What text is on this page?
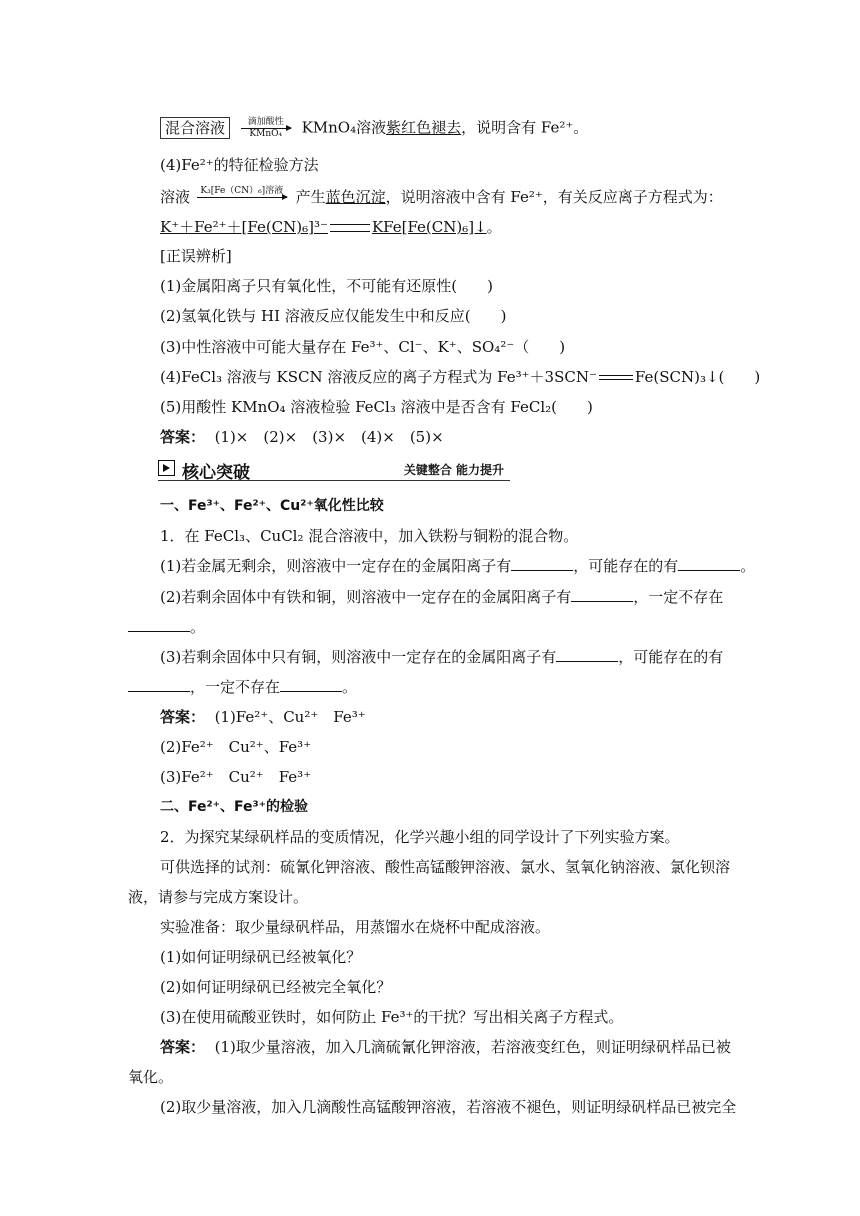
混合溶液	滴加酸性
KMnO₄	KMnO₄溶液紫红色褪去，说明含有 Fe²⁺。
(4)Fe²⁺的特征检验方法
溶液	K₃[Fe（CN）₆]溶液 产生蓝色沉淀，说明溶液中含有 Fe²⁺，有关反应离子方程式为：
K⁺＋Fe²⁺＋[Fe(CN)₆]³⁻	KFe[Fe(CN)₆]↓。
[正误辨析]
(1)金属阳离子只有氧化性，不可能有还原性(　　)
(2)氢氧化铁与 HI 溶液反应仅能发生中和反应(　　)
(3)中性溶液中可能大量存在 Fe³⁺、Cl⁻、K⁺、SO₄²⁻（　　)
(4)FeCl₃ 溶液与 KSCN 溶液反应的离子方程式为 Fe³⁺＋3SCN⁻	Fe(SCN)₃↓(　　)
(5)用酸性 KMnO₄ 溶液检验 FeCl₃ 溶液中是否含有 FeCl₂(　　)
答案： (1)×　(2)×　(3)×　(4)×　(5)×
核心突破	关键整合 能力提升
一、Fe³⁺、Fe²⁺、Cu²⁺氧化性比较
1．在 FeCl₃、CuCl₂ 混合溶液中，加入铁粉与铜粉的混合物。
(1)若金属无剩余，则溶液中一定存在的金属阳离子有	，可能存在的有	。
(2)若剩余固体中有铁和铜，则溶液中一定存在的金属阳离子有	，一定不存在
。
(3)若剩余固体中只有铜，则溶液中一定存在的金属阳离子有	，可能存在的有
，一定不存在	。
答案： (1)Fe²⁺、Cu²⁺　Fe³⁺
(2)Fe²⁺　Cu²⁺、Fe³⁺
(3)Fe²⁺　Cu²⁺　Fe³⁺
二、Fe²⁺、Fe³⁺的检验
2．为探究某绿矾样品的变质情况，化学兴趣小组的同学设计了下列实验方案。
可供选择的试剂：硫氰化钾溶液、酸性高锰酸钾溶液、氯水、氢氧化钠溶液、氯化钡溶
液，请参与完成方案设计。
实验准备：取少量绿矾样品，用蒸馏水在烧杯中配成溶液。
(1)如何证明绿矾已经被氧化？
(2)如何证明绿矾已经被完全氧化？
(3)在使用硫酸亚铁时，如何防止 Fe³⁺的干扰？写出相关离子方程式。
答案： (1)取少量溶液，加入几滴硫氰化钾溶液，若溶液变红色，则证明绿矾样品已被
氧化。
(2)取少量溶液，加入几滴酸性高锰酸钾溶液，若溶液不褪色，则证明绿矾样品已被完全
